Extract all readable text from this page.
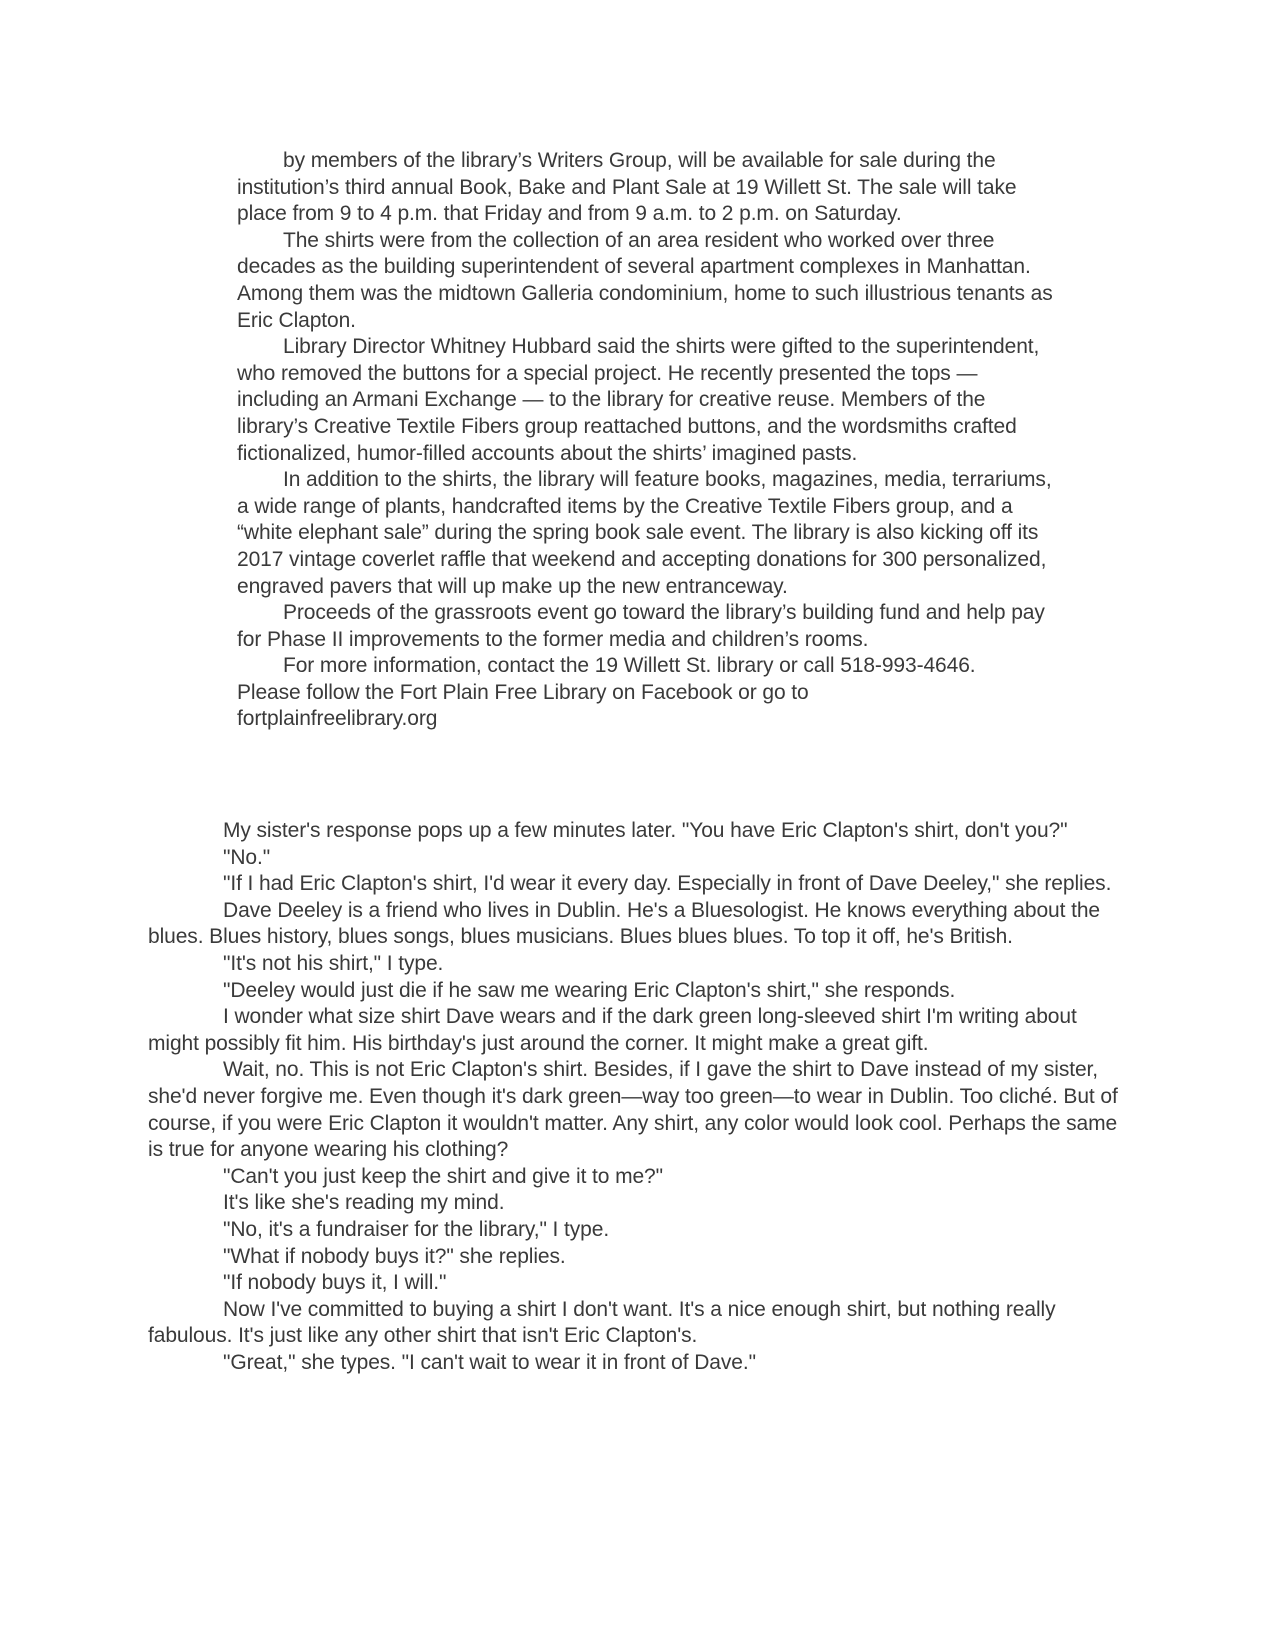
by members of the library’s Writers Group, will be available for sale during the institution’s third annual Book, Bake and Plant Sale at 19 Willett St. The sale will take place from 9 to 4 p.m. that Friday and from 9 a.m. to 2 p.m. on Saturday.

The shirts were from the collection of an area resident who worked over three decades as the building superintendent of several apartment complexes in Manhattan. Among them was the midtown Galleria condominium, home to such illustrious tenants as Eric Clapton.

Library Director Whitney Hubbard said the shirts were gifted to the superintendent, who removed the buttons for a special project. He recently presented the tops — including an Armani Exchange — to the library for creative reuse. Members of the library’s Creative Textile Fibers group reattached buttons, and the wordsmiths crafted fictionalized, humor-filled accounts about the shirts’ imagined pasts.

In addition to the shirts, the library will feature books, magazines, media, terrariums, a wide range of plants, handcrafted items by the Creative Textile Fibers group, and a “white elephant sale” during the spring book sale event. The library is also kicking off its 2017 vintage coverlet raffle that weekend and accepting donations for 300 personalized, engraved pavers that will up make up the new entranceway.

Proceeds of the grassroots event go toward the library’s building fund and help pay for Phase II improvements to the former media and children’s rooms.

For more information, contact the 19 Willett St. library or call 518-993-4646.

Please follow the Fort Plain Free Library on Facebook or go to

fortplainfreelibrary.org

My sister's response pops up a few minutes later. "You have Eric Clapton's shirt, don't you?"

"No."

"If I had Eric Clapton's shirt, I'd wear it every day. Especially in front of Dave Deeley," she replies.

Dave Deeley is a friend who lives in Dublin. He's a Bluesologist. He knows everything about the blues. Blues history, blues songs, blues musicians. Blues blues blues. To top it off, he's British.

"It's not his shirt," I type.

"Deeley would just die if he saw me wearing Eric Clapton's shirt," she responds.

I wonder what size shirt Dave wears and if the dark green long-sleeved shirt I'm writing about might possibly fit him. His birthday's just around the corner. It might make a great gift.

Wait, no. This is not Eric Clapton's shirt. Besides, if I gave the shirt to Dave instead of my sister, she'd never forgive me. Even though it's dark green—way too green—to wear in Dublin. Too cliché. But of course, if you were Eric Clapton it wouldn't matter. Any shirt, any color would look cool. Perhaps the same is true for anyone wearing his clothing?

"Can't you just keep the shirt and give it to me?"

It's like she's reading my mind.

"No, it's a fundraiser for the library," I type.

"What if nobody buys it?" she replies.

"If nobody buys it, I will."

Now I've committed to buying a shirt I don't want. It's a nice enough shirt, but nothing really fabulous. It's just like any other shirt that isn't Eric Clapton's.

"Great," she types. "I can't wait to wear it in front of Dave."
